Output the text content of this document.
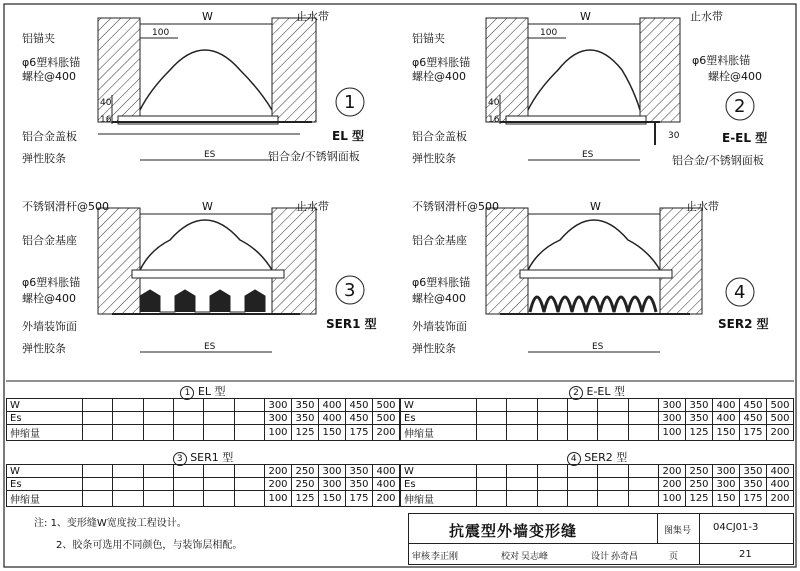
W
100
ES
40
16
1
EL 型
铝锚夹
φ6塑料胀锚
螺栓@400
铝合金盖板
弹性胶条
止水带
铝合金/不锈钢面板
W
100
ES
40
16
30
2
E-EL 型
铝锚夹
φ6塑料胀锚
螺栓@400
铝合金盖板
弹性胶条
止水带
φ6塑料胀锚
螺栓@400
铝合金/不锈钢面板
W
ES
3
SER1 型
不锈钢滑杆@500
铝合金基座
φ6塑料胀锚
螺栓@400
外墙装饰面
弹性胶条
止水带	W
ES
4
SER2 型
不锈钢滑杆@500
铝合金基座
φ6塑料胀锚
螺栓@400
外墙装饰面
弹性胶条
止水带
1 EL 型
W							300	350	400	450	500
Es							300	350	400	450	500
伸缩量							100	125	150	175	200
2 E-EL 型
W							300	350	400	450	500
Es							300	350	400	450	500
伸缩量							100	125	150	175	200
3 SER1 型
W							200	250	300	350	400
Es							200	250	300	350	400
伸缩量							100	125	150	175	200
4 SER2 型
W							200	250	300	350	400
Es							200	250	300	350	400
伸缩量							100	125	150	175	200
注: 1、变形缝W宽度按工程设计。
2、胶条可选用不同颜色，与装饰层相配。
抗震型外墙变形缝	图集号 04CJ01-3
审核 李正刚	校对 吴志峰	设计 孙奇昌	页	21
